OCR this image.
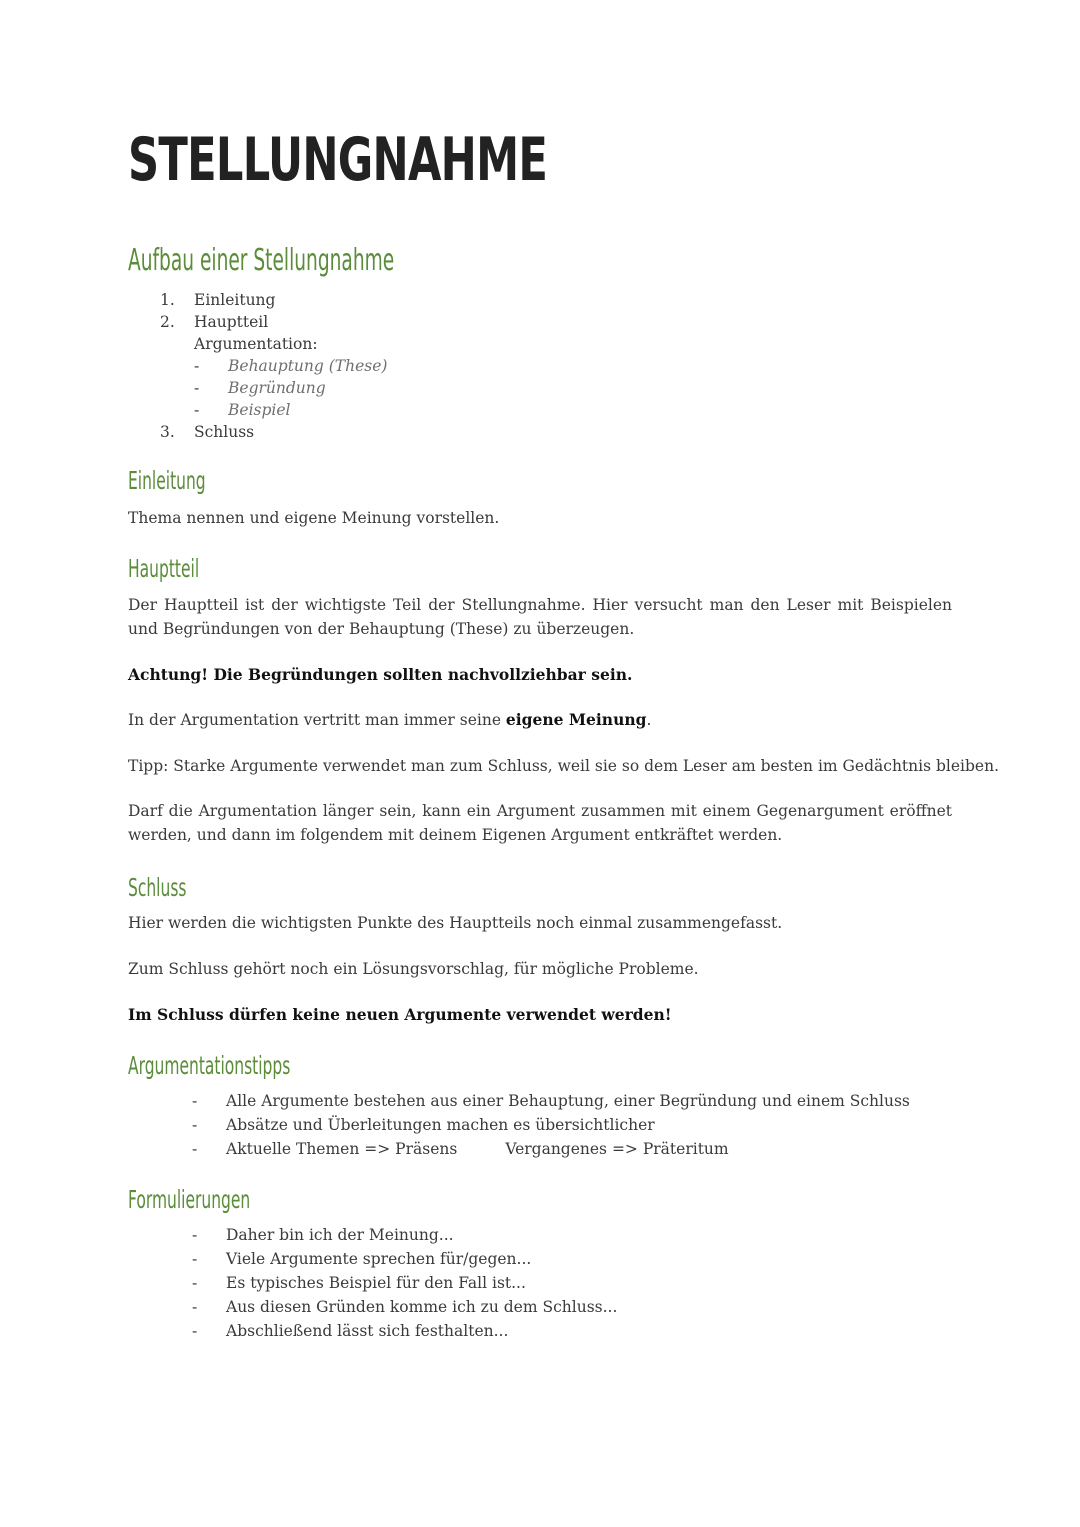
STELLUNGNAHME
Aufbau einer Stellungnahme
1. Einleitung
2. Hauptteil
Argumentation:
- Behauptung (These)
- Begründung
- Beispiel
3. Schluss
Einleitung

Thema nennen und eigene Meinung vorstellen.

Hauptteil

Der Hauptteil ist der wichtigste Teil der Stellungnahme. Hier versucht man den Leser mit Beispielen und Begründungen von der Behauptung (These) zu überzeugen.

Achtung! Die Begründungen sollten nachvollziehbar sein.

In der Argumentation vertritt man immer seine eigene Meinung.

Tipp: Starke Argumente verwendet man zum Schluss, weil sie so dem Leser am besten im Gedächtnis bleiben.

Darf die Argumentation länger sein, kann ein Argument zusammen mit einem Gegenargument eröffnet werden, und dann im folgendem mit deinem Eigenen Argument entkräftet werden.

Schluss

Hier werden die wichtigsten Punkte des Hauptteils noch einmal zusammengefasst.

Zum Schluss gehört noch ein Lösungsvorschlag, für mögliche Probleme.

Im Schluss dürfen keine neuen Argumente verwendet werden!

Argumentationstipps
- Alle Argumente bestehen aus einer Behauptung, einer Begründung und einem Schluss
- Absätze und Überleitungen machen es übersichtlicher
- Aktuelle Themen => Präsens	Vergangenes => Präteritum
Formulierungen
- Daher bin ich der Meinung...
- Viele Argumente sprechen für/gegen...
- Es typisches Beispiel für den Fall ist...
- Aus diesen Gründen komme ich zu dem Schluss...
- Abschließend lässt sich festhalten...
